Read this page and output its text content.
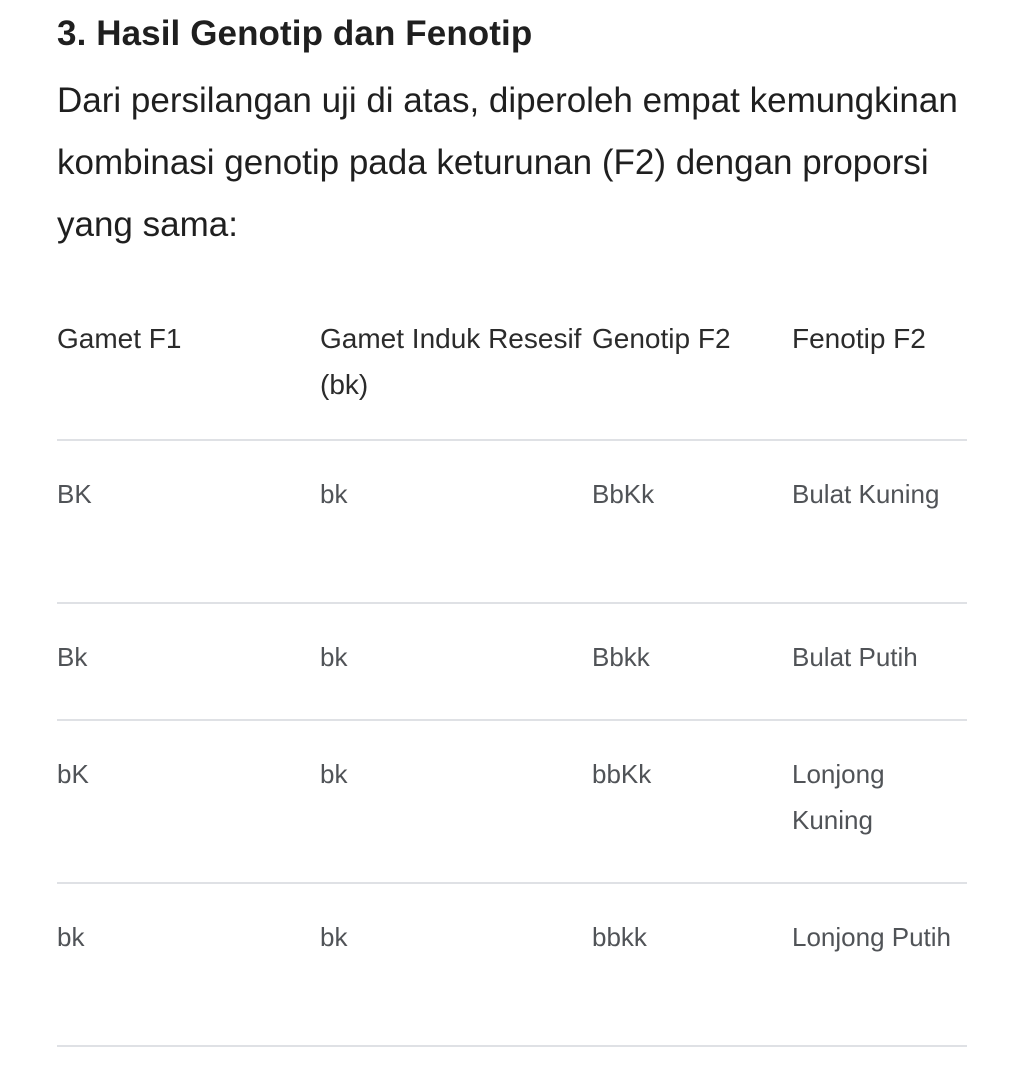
3. Hasil Genotip dan Fenotip

Dari persilangan uji di atas, diperoleh empat kemungkinan kombinasi genotip pada keturunan (F2) dengan proporsi yang sama:

Gamet F1	Gamet Induk Resesif (bk)	Genotip F2	Fenotip F2
BK	bk	BbKk	Bulat Kuning
Bk	bk	Bbkk	Bulat Putih
bK	bk	bbKk	Lonjong Kuning
bk	bk	bbkk	Lonjong Putih
